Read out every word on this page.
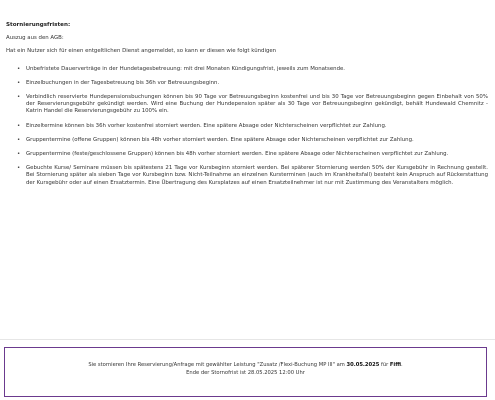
Stornierungsfristen:
Auszug aus den AGB:
Hat ein Nutzer sich für einen entgeltlichen Dienst angemeldet, so kann er diesen wie folgt kündigen
• Unbefristete Dauerverträge in der Hundetagesbetreuung: mit drei Monaten Kündigungsfrist, jeweils zum Monatsende.
• Einzelbuchungen in der Tagesbetreuung bis 36h vor Betreuungsbeginn.
• Verbindlich reservierte Hundepensionsbuchungen können bis 90 Tage vor Betreuungsbeginn kostenfrei und bis 30 Tage vor Betreuungsbeginn gegen Einbehalt von 50% der Reservierungsgebühr gekündigt werden. Wird eine Buchung der Hundepension später als 30 Tage vor Betreuungsbeginn gekündigt, behält Hundewald Chemnitz - Katrin Handel die Reservierungsgebühr zu 100% ein.
• Einzeltermine können bis 36h vorher kostenfrei storniert werden. Eine spätere Absage oder Nichterscheinen verpflichtet zur Zahlung.
• Gruppentermine (offene Gruppen) können bis 48h vorher storniert werden. Eine spätere Absage oder Nichterscheinen verpflichtet zur Zahlung.
• Gruppentermine (feste/geschlossene Gruppen) können bis 48h vorher storniert werden. Eine spätere Absage oder Nichterscheinen verpflichtet zur Zahlung.
• Gebuchte Kurse/ Seminare müssen bis spätestens 21 Tage vor Kursbeginn storniert werden. Bei späterer Stornierung werden 50% der Kursgebühr in Rechnung gestellt. Bei Stornierung später als sieben Tage vor Kursbeginn bzw. Nicht-Teilnahme an einzelnen Kursterminen (auch im Krankheitsfall) besteht kein Anspruch auf Rückerstattung der Kursgebühr oder auf einen Ersatztermin. Eine Übertragung des Kursplatzes auf einen Ersatzteilnehmer ist nur mit Zustimmung des Veranstalters möglich.
Sie stornieren Ihre Reservierung/Anfrage mit gewählter Leistung "Zusatz /Flexi-Buchung MP III" am 30.05.2025 für Fiffi.
Ende der Stornofrist ist 28.05.2025 12:00 Uhr
